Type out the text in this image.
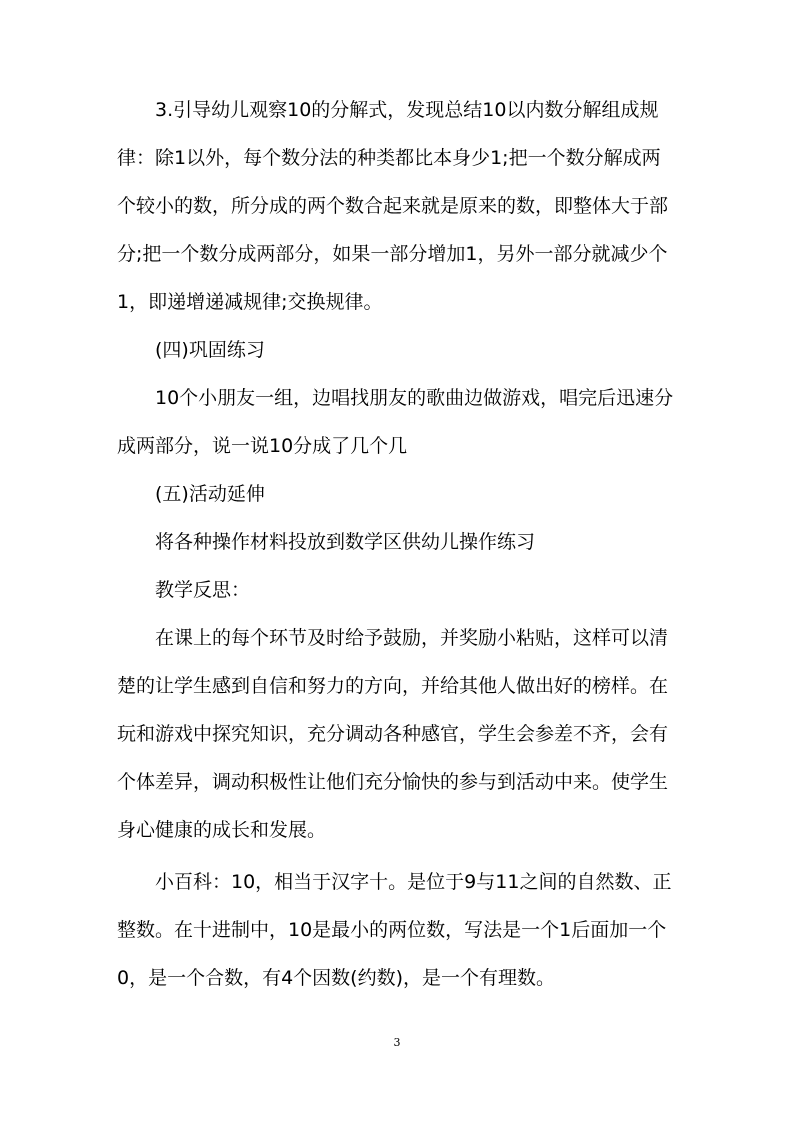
　　3.引导幼儿观察10的分解式，发现总结10以内数分解组成规律：除1以外，每个数分法的种类都比本身少1;把一个数分解成两个较小的数，所分成的两个数合起来就是原来的数，即整体大于部分;把一个数分成两部分，如果一部分增加1，另外一部分就减少个1，即递增递减规律;交换规律。

　　(四)巩固练习

　　10个小朋友一组，边唱找朋友的歌曲边做游戏，唱完后迅速分成两部分，说一说10分成了几个几

　　(五)活动延伸

　　将各种操作材料投放到数学区供幼儿操作练习

　　教学反思：

　　在课上的每个环节及时给予鼓励，并奖励小粘贴，这样可以清楚的让学生感到自信和努力的方向，并给其他人做出好的榜样。在玩和游戏中探究知识，充分调动各种感官，学生会参差不齐，会有个体差异，调动积极性让他们充分愉快的参与到活动中来。使学生身心健康的成长和发展。

　　小百科：10，相当于汉字十。是位于9与11之间的自然数、正整数。在十进制中，10是最小的两位数，写法是一个1后面加一个0，是一个合数，有4个因数(约数)，是一个有理数。

3
